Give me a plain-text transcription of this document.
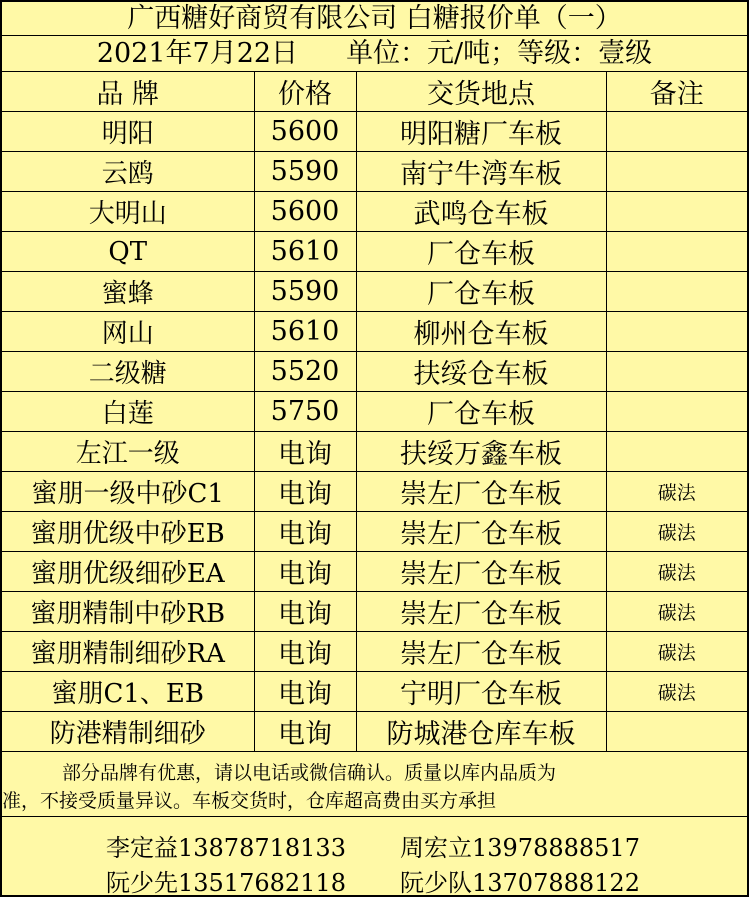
广西糖好商贸有限公司 白糖报价单（一）
2021年7月22日 单位：元/吨；等级：壹级
品 牌	价格	交货地点	备注
明阳	5600	明阳糖厂车板	
云鸥	5590	南宁牛湾车板	
大明山	5600	武鸣仓车板	
QT	5610	厂仓车板	
蜜蜂	5590	厂仓车板	
网山	5610	柳州仓车板	
二级糖	5520	扶绥仓车板	
白莲	5750	厂仓车板	
左江一级	电询	扶绥万鑫车板	
蜜朋一级中砂C1	电询	崇左厂仓车板	碳法
蜜朋优级中砂EB	电询	崇左厂仓车板	碳法
蜜朋优级细砂EA	电询	崇左厂仓车板	碳法
蜜朋精制中砂RB	电询	崇左厂仓车板	碳法
蜜朋精制细砂RA	电询	崇左厂仓车板	碳法
蜜朋C1、EB	电询	宁明厂仓车板	碳法
防港精制细砂	电询	防城港仓库车板	
部分品牌有优惠，请以电话或微信确认。质量以库内品质为
准，不接受质量异议。车板交货时，仓库超高费由买方承担
李定益13878718133	周宏立13978888517
阮少先13517682118	阮少队13707888122
